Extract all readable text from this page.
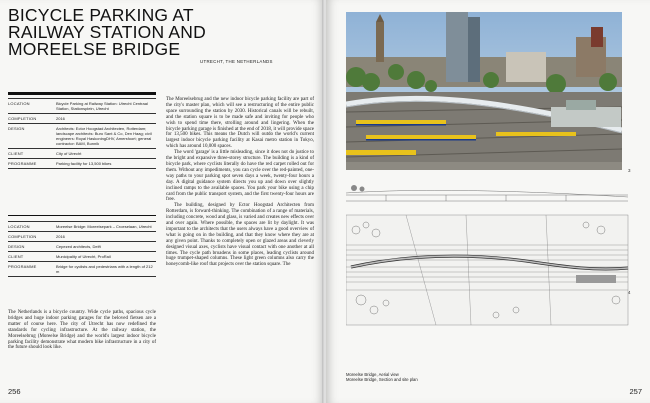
BICYCLE PARKING AT RAILWAY STATION AND MOREELSE BRIDGE
UTRECHT, THE NETHERLANDS
LOCATION	Bicycle Parking at Railway Station: Utrecht Centraal Station, Stationsplein, Utrecht
COMPLETION	2016
DESIGN	Architects: Ector Hoogstad Architecten, Rotterdam; landscape architects: Buro Sant & Co, Den Haag; civil engineers: Royal HaskoningDHV, Amersfoort; general contractor: BAM, Bunnik
CLIENT	City of Utrecht
PROGRAMME	Parking facility for 13,500 bikes
LOCATION	Moreelse Bridge: Moreelsepark – Croeselaan, Utrecht
COMPLETION	2016
DESIGN	Cepezed architects, Delft
CLIENT	Municipality of Utrecht, ProRail
PROGRAMME	Bridge for cyclists and pedestrians with a length of 212 m

The Netherlands is a bicycle country. Wide cycle paths, spacious cycle bridges and huge indoor parking garages for the beloved fietsen are a matter of course here. The city of Utrecht has now redefined the standards for cycling infrastructure. At the railway station, the Moreelsebrug (Moreelse Bridge) and the world's largest indoor bicycle parking facility demonstrate what modern bike infrastructure in a city of the future should look like.

The Moreelsebrug and the new indoor bicycle parking facility are part of the city's master plan, which will see a restructuring of the entire public space surrounding the station by 2030. Historical canals will be rebuilt, and the station square is to be made safe and inviting for people who wish to spend time there, strolling around and lingering. When the bicycle parking garage is finished at the end of 2018, it will provide space for 13,500 bikes. This means the Dutch will outdo the world's current largest indoor bicycle parking facility at Kasai metro station in Tokyo, which has around 10,000 spaces.

The word 'garage' is a little misleading, since it does not do justice to the bright and expansive three-storey structure. The building is a kind of bicycle park, where cyclists literally do have the red carpet rolled out for them. Without any impediments, you can cycle over the red-painted, one-way paths to your parking spot seven days a week, twenty-four hours a day. A digital guidance system directs you up and down over slightly inclined ramps to the available spaces. You park your bike using a chip card from the public transport system, and the first twenty-four hours are free.

The building, designed by Ector Hoogstad Architecten from Rotterdam, is forward-thinking. The combination of a range of materials, including concrete, wood and glass, is varied and creates new effects over and over again. Where possible, the spaces are lit by daylight. It was important to the architects that the users always have a good overview of what is going on in the building, and that they know where they are at any given point. Thanks to completely open or glazed areas and cleverly designed visual axes, cyclists have visual contact with one another at all times. The cycle path broadens in some places, leading cyclists around huge trumpet-shaped columns. These light green columns also carry the honeycomb-like roof that projects over the station square. The

256
3
4
Moreelse Bridge, Aerial view
Moreelse Bridge, Section and site plan
257
